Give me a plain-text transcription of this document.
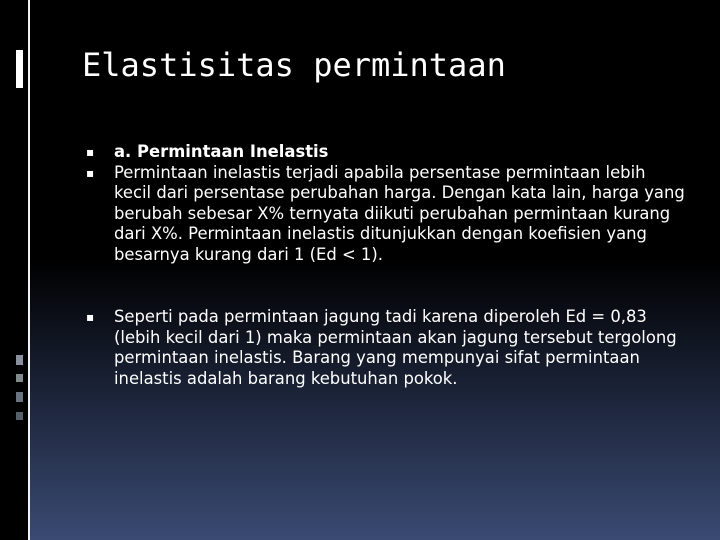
Elastisitas permintaan
▪ a. Permintaan Inelastis
▪ Permintaan inelastis terjadi apabila persentase permintaan lebih kecil dari persentase perubahan harga. Dengan kata lain, harga yang berubah sebesar X% ternyata diikuti perubahan permintaan kurang dari X%. Permintaan inelastis ditunjukkan dengan koefisien yang besarnya kurang dari 1 (Ed < 1).
▪ Seperti pada permintaan jagung tadi karena diperoleh Ed = 0,83 (lebih kecil dari 1) maka permintaan akan jagung tersebut tergolong permintaan inelastis. Barang yang mempunyai sifat permintaan inelastis adalah barang kebutuhan pokok.
